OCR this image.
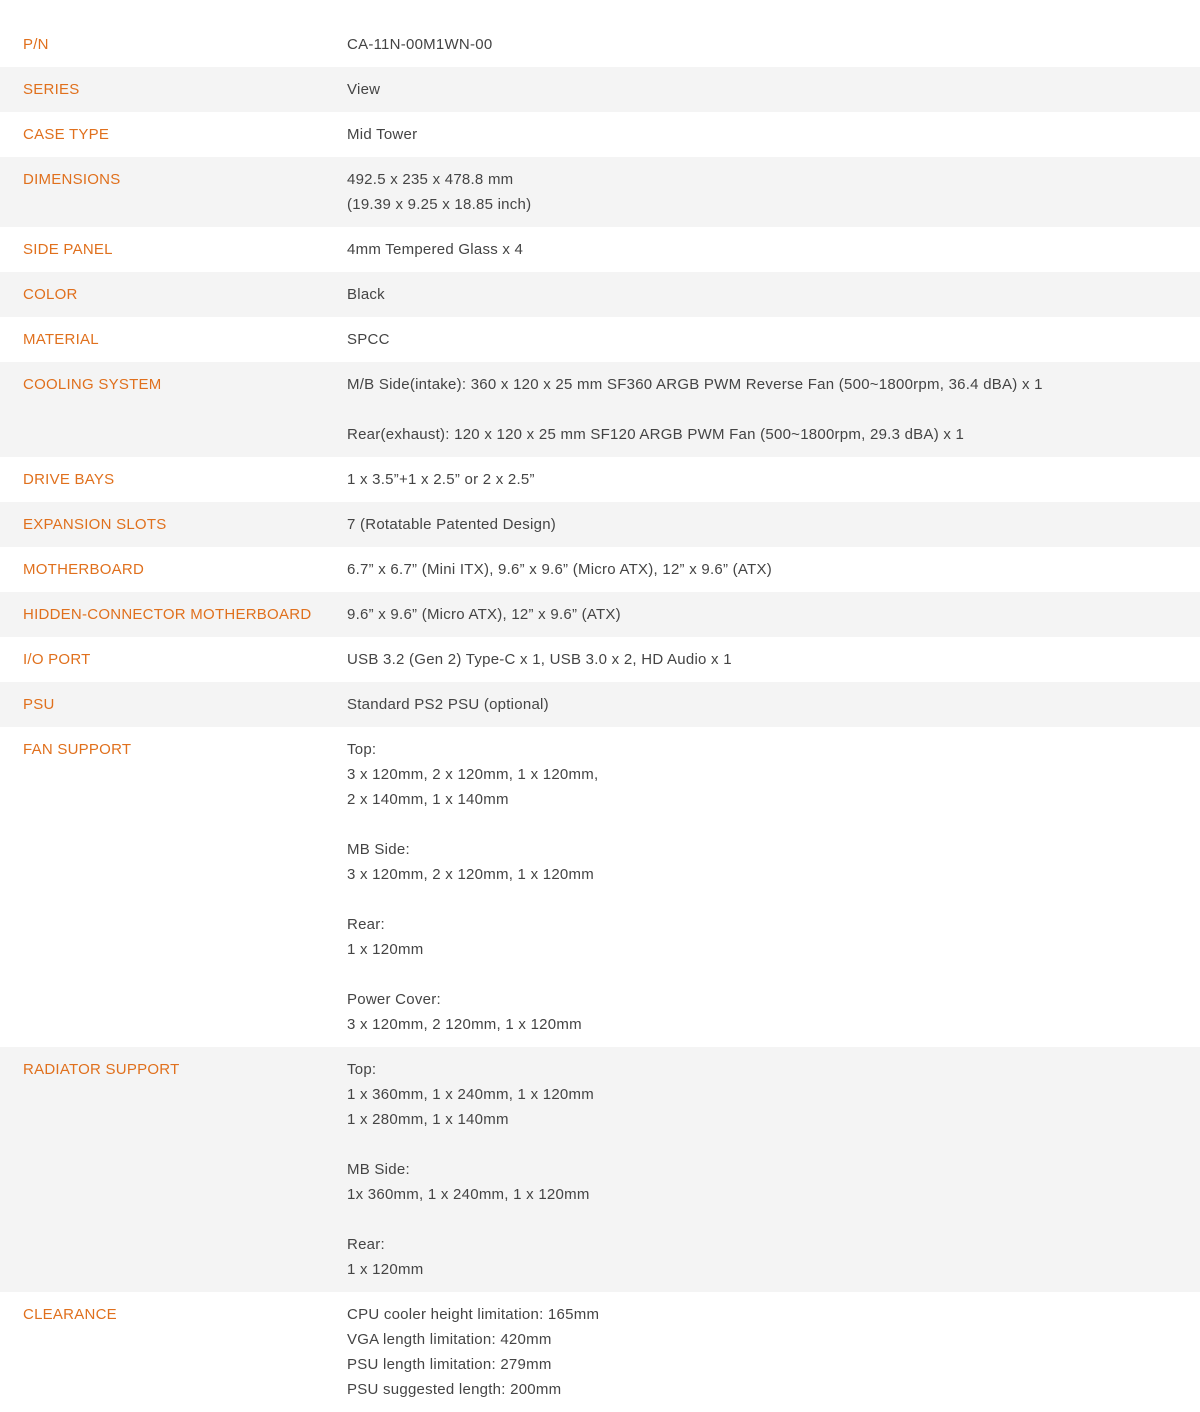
P/N	CA-11N-00M1WN-00
SERIES	View
CASE TYPE	Mid Tower
DIMENSIONS	492.5 x 235 x 478.8 mm
(19.39 x 9.25 x 18.85 inch)
SIDE PANEL	4mm Tempered Glass x 4
COLOR	Black
MATERIAL	SPCC
COOLING SYSTEM	M/B Side(intake): 360 x 120 x 25 mm SF360 ARGB PWM Reverse Fan (500~1800rpm, 36.4 dBA) x 1
Rear(exhaust): 120 x 120 x 25 mm SF120 ARGB PWM Fan (500~1800rpm, 29.3 dBA) x 1
DRIVE BAYS	1 x 3.5”+1 x 2.5” or 2 x 2.5”
EXPANSION SLOTS	7 (Rotatable Patented Design)
MOTHERBOARD	6.7” x 6.7” (Mini ITX), 9.6” x 9.6” (Micro ATX), 12” x 9.6” (ATX)
HIDDEN-CONNECTOR MOTHERBOARD	9.6” x 9.6” (Micro ATX), 12” x 9.6” (ATX)
I/O PORT	USB 3.2 (Gen 2) Type-C x 1, USB 3.0 x 2, HD Audio x 1
PSU	Standard PS2 PSU (optional)
FAN SUPPORT	Top:
3 x 120mm, 2 x 120mm, 1 x 120mm,
2 x 140mm, 1 x 140mm
MB Side:
3 x 120mm, 2 x 120mm, 1 x 120mm
Rear:
1 x 120mm
Power Cover:
3 x 120mm, 2 120mm, 1 x 120mm
RADIATOR SUPPORT	Top:
1 x 360mm, 1 x 240mm, 1 x 120mm
1 x 280mm, 1 x 140mm
MB Side:
1x 360mm, 1 x 240mm, 1 x 120mm
Rear:
1 x 120mm
CLEARANCE	CPU cooler height limitation: 165mm
VGA length limitation: 420mm
PSU length limitation: 279mm
PSU suggested length: 200mm
